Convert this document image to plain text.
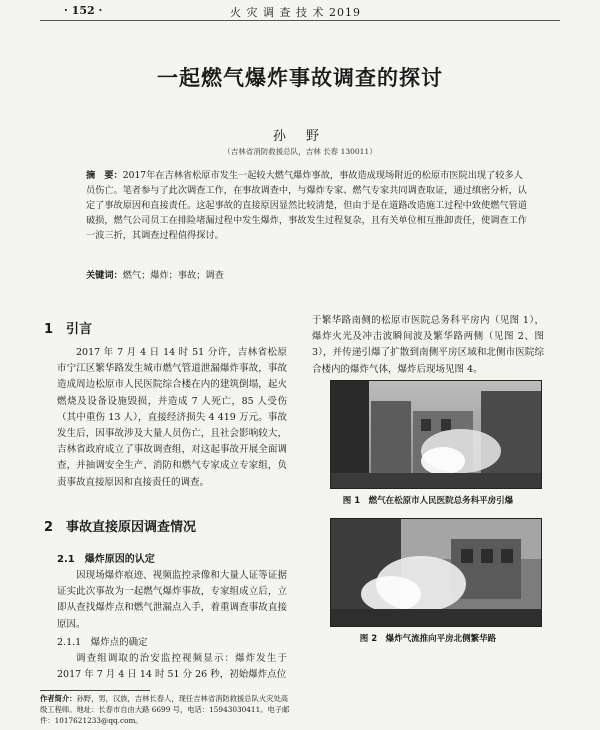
· 152 ·	火 灾 调 查 技 术 2019
一起燃气爆炸事故调查的探讨
孙 野
（吉林省消防救援总队，吉林 长春 130011）
摘　要：2017年在吉林省松原市发生一起较大燃气爆炸事故，事故造成现场附近的松原市医院出现了较多人员伤亡。笔者参与了此次调查工作，在事故调查中，与爆炸专家、燃气专家共同调查取证，通过缜密分析，认定了事故原因和直接责任。这起事故的直接原因显然比较清楚，但由于是在道路改造施工过程中致使燃气管道破损，燃气公司员工在排险堵漏过程中发生爆炸，事故发生过程复杂，且有关单位相互推卸责任，使调查工作一波三折，其调查过程值得探讨。
关键词：燃气；爆炸；事故；调查
1　引言
2017 年 7 月 4 日 14 时 51 分许，吉林省松原市宁江区繁华路发生城市燃气管道泄漏爆炸事故，事故造成周边松原市人民医院综合楼在内的建筑倒塌，起火燃烧及设备设施毁损，并造成 7 人死亡，85 人受伤（其中重伤 13 人），直接经济损失 4 419 万元。事故发生后，因事故涉及大量人员伤亡，且社会影响较大，吉林省政府成立了事故调查组，对这起事故开展全面调查，并抽调安全生产、消防和燃气专家成立专家组，负责事故直接原因和直接责任的调查。
2　事故直接原因调查情况
2.1　爆炸原因的认定
因现场爆炸痕迹、视频监控录像和大量人证等证据证实此次事故为一起燃气爆炸事故，专家组成立后，立即从查找爆炸点和燃气泄漏点入手，着重调查事故直接原因。
2.1.1　爆炸点的确定
调查组调取的治安监控视频显示：爆炸发生于 2017 年 7 月 4 日 14 时 51 分 26 秒，初始爆炸点位
于繁华路南侧的松原市医院总务科平房内（见图 1），爆炸火光及冲击波瞬间波及繁华路两侧（见图 2、图 3），并传递引爆了扩散到南侧平房区域和北侧市医院综合楼内的爆炸气体，爆炸后现场见图 4。
图 1　燃气在松原市人民医院总务科平房引爆
图 2　爆炸气流推向平房北侧繁华路
作者简介：孙野，男，汉族，吉林长春人，现任吉林省消防救援总队火灾处高级工程师。地址：长春市自由大路 6699 号，电话：15943030411。电子邮件：1017621233@qq.com。
